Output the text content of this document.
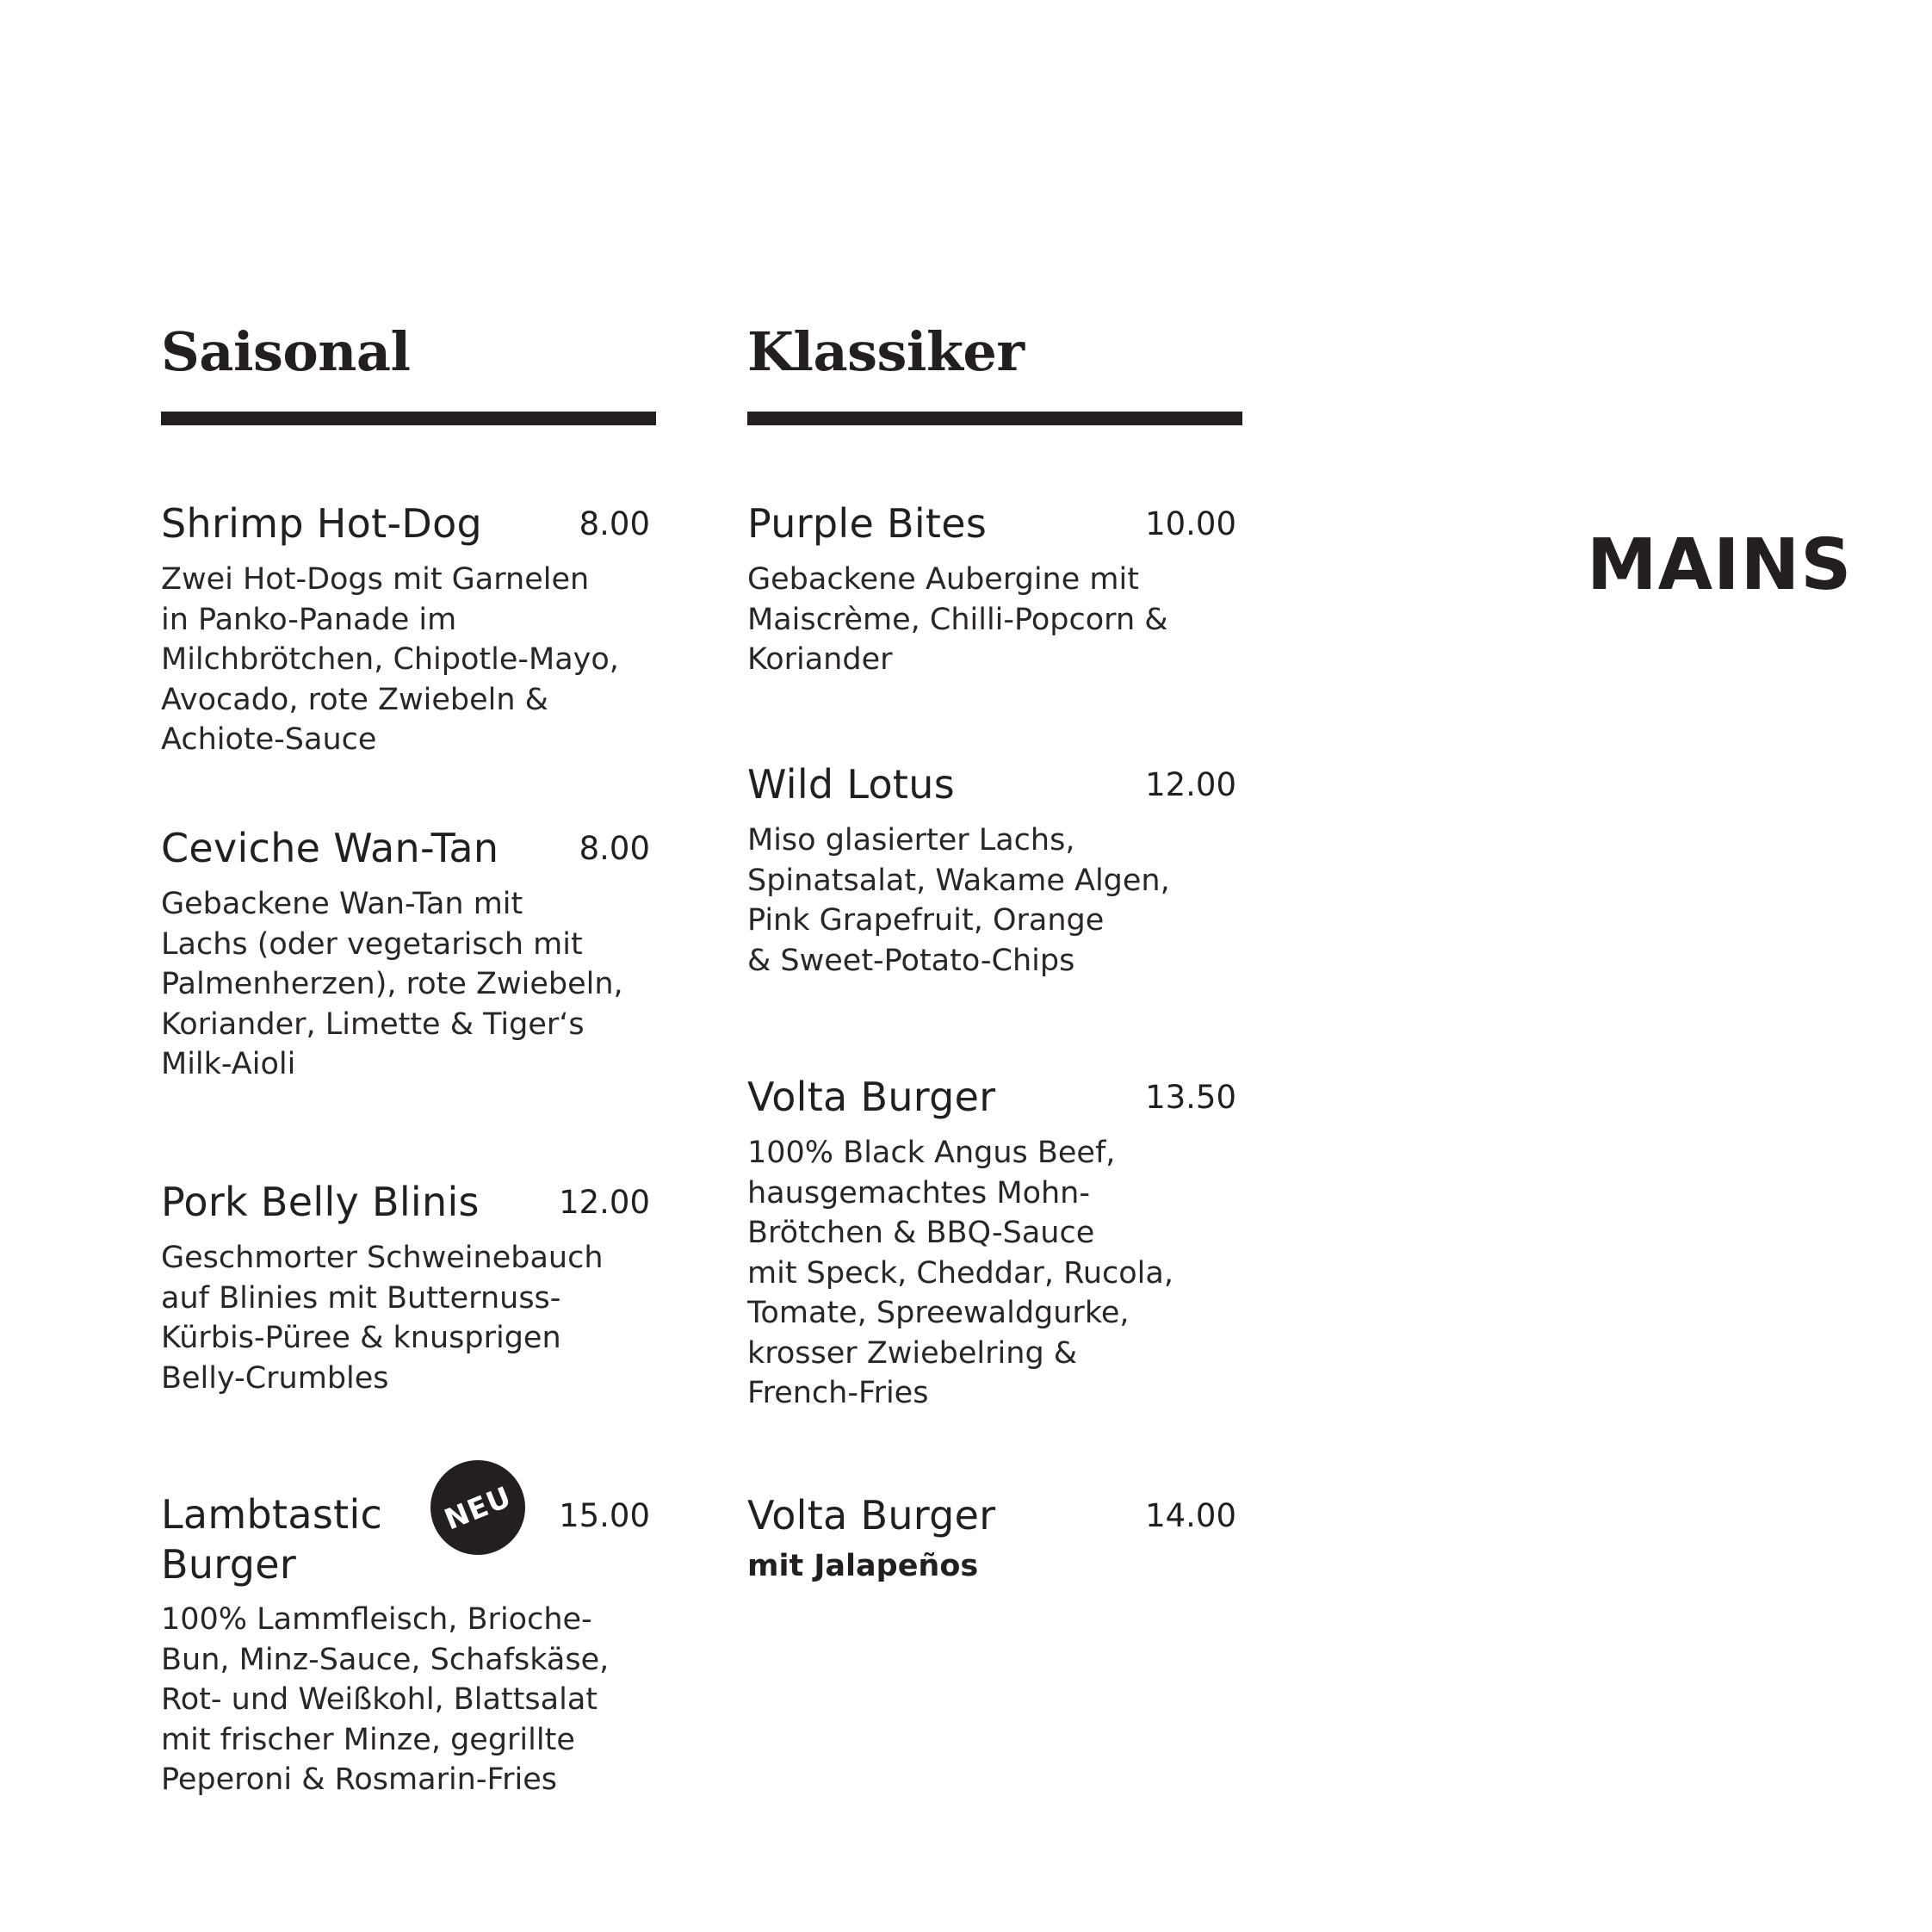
Saisonal
Shrimp Hot-Dog	8.00

Zwei Hot-Dogs mit Garnelen
in Panko-Panade im
Milchbrötchen, Chipotle-Mayo,
Avocado, rote Zwiebeln &
Achiote-Sauce

Ceviche Wan-Tan	8.00

Gebackene Wan-Tan mit
Lachs (oder vegetarisch mit
Palmenherzen), rote Zwiebeln,
Koriander, Limette & Tiger‘s
Milk-Aioli

Pork Belly Blinis	12.00

Geschmorter Schweinebauch
auf Blinies mit Butternuss-
Kürbis-Püree & knusprigen
Belly-Crumbles

Lambtastic Burger
NEU 15.00

100% Lammfleisch, Brioche-
Bun, Minz-Sauce, Schafskäse,
Rot- und Weißkohl, Blattsalat
mit frischer Minze, gegrillte
Peperoni & Rosmarin-Fries

Klassiker
Purple Bites	10.00

Gebackene Aubergine mit
Maiscrème, Chilli-Popcorn &
Koriander

Wild Lotus	12.00

Miso glasierter Lachs,
Spinatsalat, Wakame Algen,
Pink Grapefruit, Orange
& Sweet-Potato-Chips

Volta Burger	13.50

100% Black Angus Beef,
hausgemachtes Mohn-
Brötchen & BBQ-Sauce
mit Speck, Cheddar, Rucola,
Tomate, Spreewaldgurke,
krosser Zwiebelring &
French-Fries

Volta Burger	14.00

mit Jalapeños

MAINS
